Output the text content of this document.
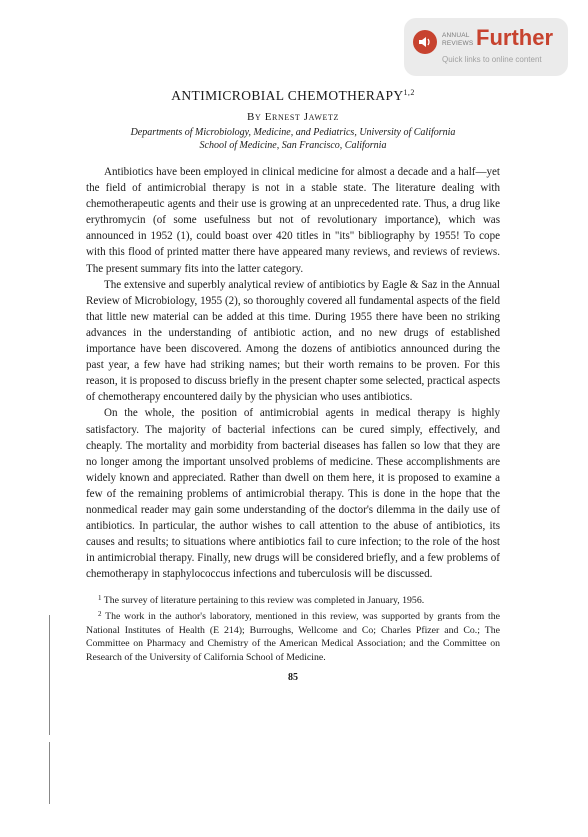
ANNUAL
REVIEWS Further
Quick links to online content
ANTIMICROBIAL CHEMOTHERAPY$^{1,2}$
By Ernest Jawetz
Departments of Microbiology, Medicine, and Pediatrics, University of California
School of Medicine, San Francisco, California

Antibiotics have been employed in clinical medicine for almost a decade and a half—yet the field of antimicrobial therapy is not in a stable state. The literature dealing with chemotherapeutic agents and their use is growing at an unprecedented rate. Thus, a drug like erythromycin (of some usefulness but not of revolutionary importance), which was announced in 1952 (1), could boast over 420 titles in "its" bibliography by 1955! To cope with this flood of printed matter there have appeared many reviews, and reviews of reviews. The present summary fits into the latter category.

The extensive and superbly analytical review of antibiotics by Eagle & Saz in the Annual Review of Microbiology, 1955 (2), so thoroughly covered all fundamental aspects of the field that little new material can be added at this time. During 1955 there have been no striking advances in the understanding of antibiotic action, and no new drugs of established importance have been discovered. Among the dozens of antibiotics announced during the past year, a few have had striking names; but their worth remains to be proven. For this reason, it is proposed to discuss briefly in the present chapter some selected, practical aspects of chemotherapy encountered daily by the physician who uses antibiotics.

On the whole, the position of antimicrobial agents in medical therapy is highly satisfactory. The majority of bacterial infections can be cured simply, effectively, and cheaply. The mortality and morbidity from bacterial diseases has fallen so low that they are no longer among the important unsolved problems of medicine. These accomplishments are widely known and appreciated. Rather than dwell on them here, it is proposed to examine a few of the remaining problems of antimicrobial therapy. This is done in the hope that the nonmedical reader may gain some understanding of the doctor's dilemma in the daily use of antibiotics. In particular, the author wishes to call attention to the abuse of antibiotics, its causes and results; to situations where antibiotics fail to cure infection; to the role of the host in antimicrobial therapy. Finally, new drugs will be considered briefly, and a few problems of chemotherapy in staphylococcus infections and tuberculosis will be discussed.

$^1$ The survey of literature pertaining to this review was completed in January, 1956.

$^2$ The work in the author's laboratory, mentioned in this review, was supported by grants from the National Institutes of Health (E 214); Burroughs, Wellcome and Co; Charles Pfizer and Co.; The Committee on Pharmacy and Chemistry of the American Medical Association; and the Committee on Research of the University of California School of Medicine.

85
